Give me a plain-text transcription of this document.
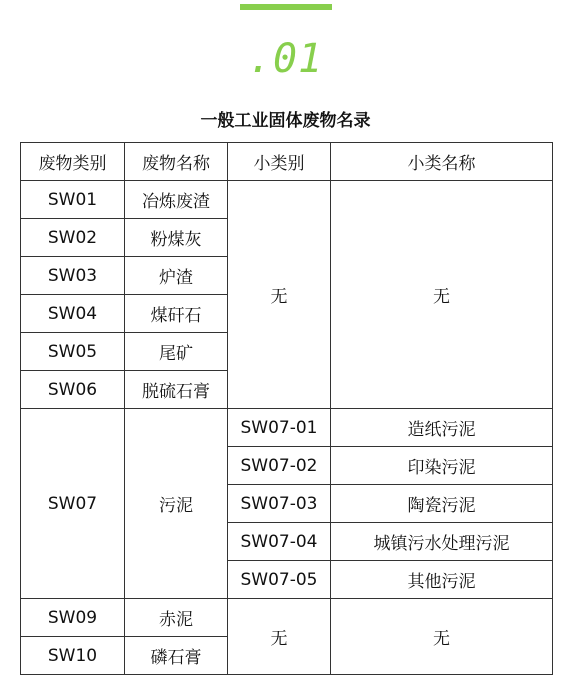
.01
一般工业固体废物名录
废物类别	废物名称	小类别	小类名称
SW01	冶炼废渣	无	无
SW02	粉煤灰		
SW03	炉渣		
SW04	煤矸石		
SW05	尾矿		
SW06	脱硫石膏		
SW07	污泥	SW07-01	造纸污泥
		SW07-02	印染污泥
		SW07-03	陶瓷污泥
		SW07-04	城镇污水处理污泥
		SW07-05	其他污泥
SW09	赤泥	无	无
SW10	磷石膏		
